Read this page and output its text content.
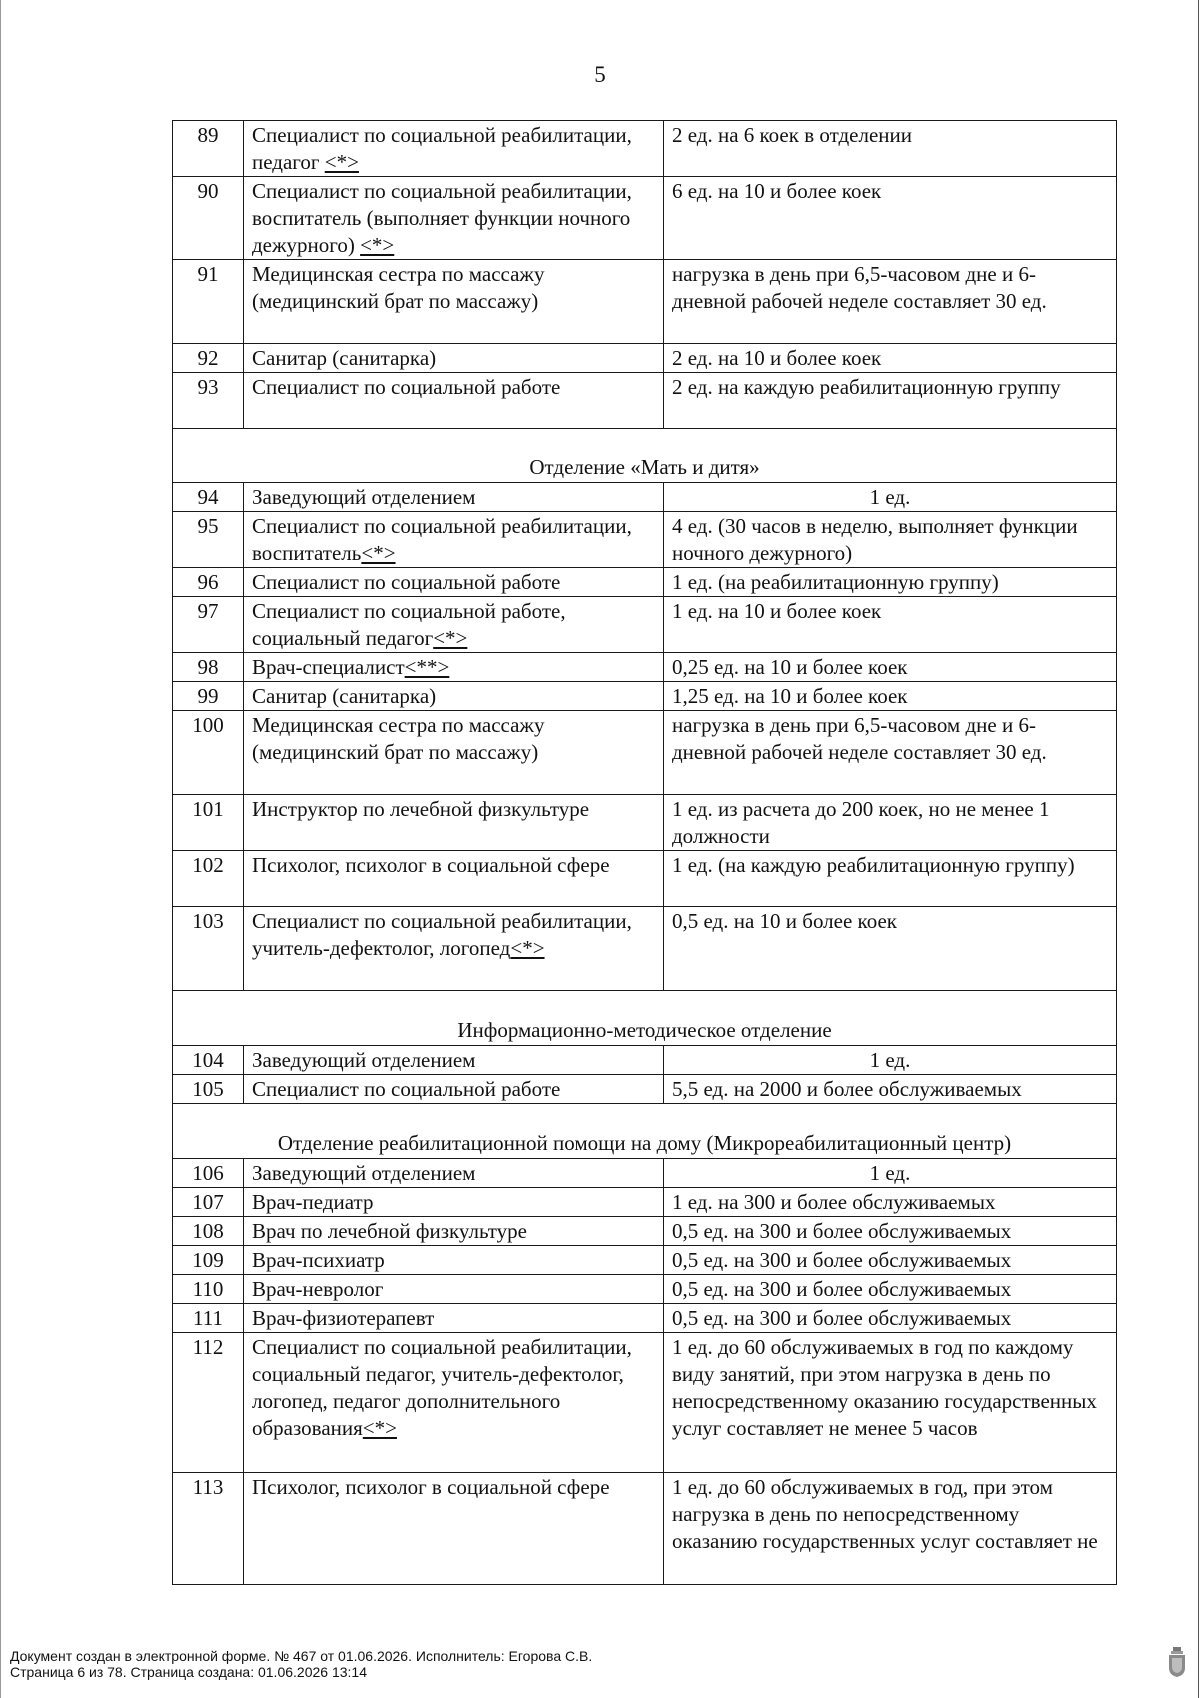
5
89	Специалист по социальной реабилитации, педагог <*>	2 ед. на 6 коек в отделении
90	Специалист по социальной реабилитации, воспитатель (выполняет функции ночного дежурного) <*>	6 ед. на 10 и более коек
91	Медицинская сестра по массажу (медицинский брат по массажу)	нагрузка в день при 6,5-часовом дне и 6-дневной рабочей неделе составляет 30 ед.
92	Санитар (санитарка)	2 ед. на 10 и более коек
93	Специалист по социальной работе	2 ед. на каждую реабилитационную группу
Отделение «Мать и дитя»		
94	Заведующий отделением	1 ед.
95	Специалист по социальной реабилитации, воспитатель<*>	4 ед. (30 часов в неделю, выполняет функции ночного дежурного)
96	Специалист по социальной работе	1 ед. (на реабилитационную группу)
97	Специалист по социальной работе, социальный педагог<*>	1 ед. на 10 и более коек
98	Врач-специалист<**>	0,25 ед. на 10 и более коек
99	Санитар (санитарка)	1,25 ед. на 10 и более коек
100	Медицинская сестра по массажу (медицинский брат по массажу)	нагрузка в день при 6,5-часовом дне и 6-дневной рабочей неделе составляет 30 ед.
101	Инструктор по лечебной физкультуре	1 ед. из расчета до 200 коек, но не менее 1 должности
102	Психолог, психолог в социальной сфере	1 ед. (на каждую реабилитационную группу)
103	Специалист по социальной реабилитации, учитель-дефектолог, логопед<*>	0,5 ед. на 10 и более коек
Информационно-методическое отделение		
104	Заведующий отделением	1 ед.
105	Специалист по социальной работе	5,5 ед. на 2000 и более обслуживаемых
Отделение реабилитационной помощи на дому (Микрореабилитационный центр)		
106	Заведующий отделением	1 ед.
107	Врач-педиатр	1 ед. на 300 и более обслуживаемых
108	Врач по лечебной физкультуре	0,5 ед. на 300 и более обслуживаемых
109	Врач-психиатр	0,5 ед. на 300 и более обслуживаемых
110	Врач-невролог	0,5 ед. на 300 и более обслуживаемых
111	Врач-физиотерапевт	0,5 ед. на 300 и более обслуживаемых
112	Специалист по социальной реабилитации, социальный педагог, учитель-дефектолог, логопед, педагог дополнительного образования<*>	1 ед. до 60 обслуживаемых в год по каждому виду занятий, при этом нагрузка в день по непосредственному оказанию государственных услуг составляет не менее 5 часов
113	Психолог, психолог в социальной сфере	1 ед. до 60 обслуживаемых в год, при этом нагрузка в день по непосредственному оказанию государственных услуг составляет не
Документ создан в электронной форме. № 467 от 01.06.2026. Исполнитель: Егорова С.В.
Страница 6 из 78. Страница создана: 01.06.2026 13:14
